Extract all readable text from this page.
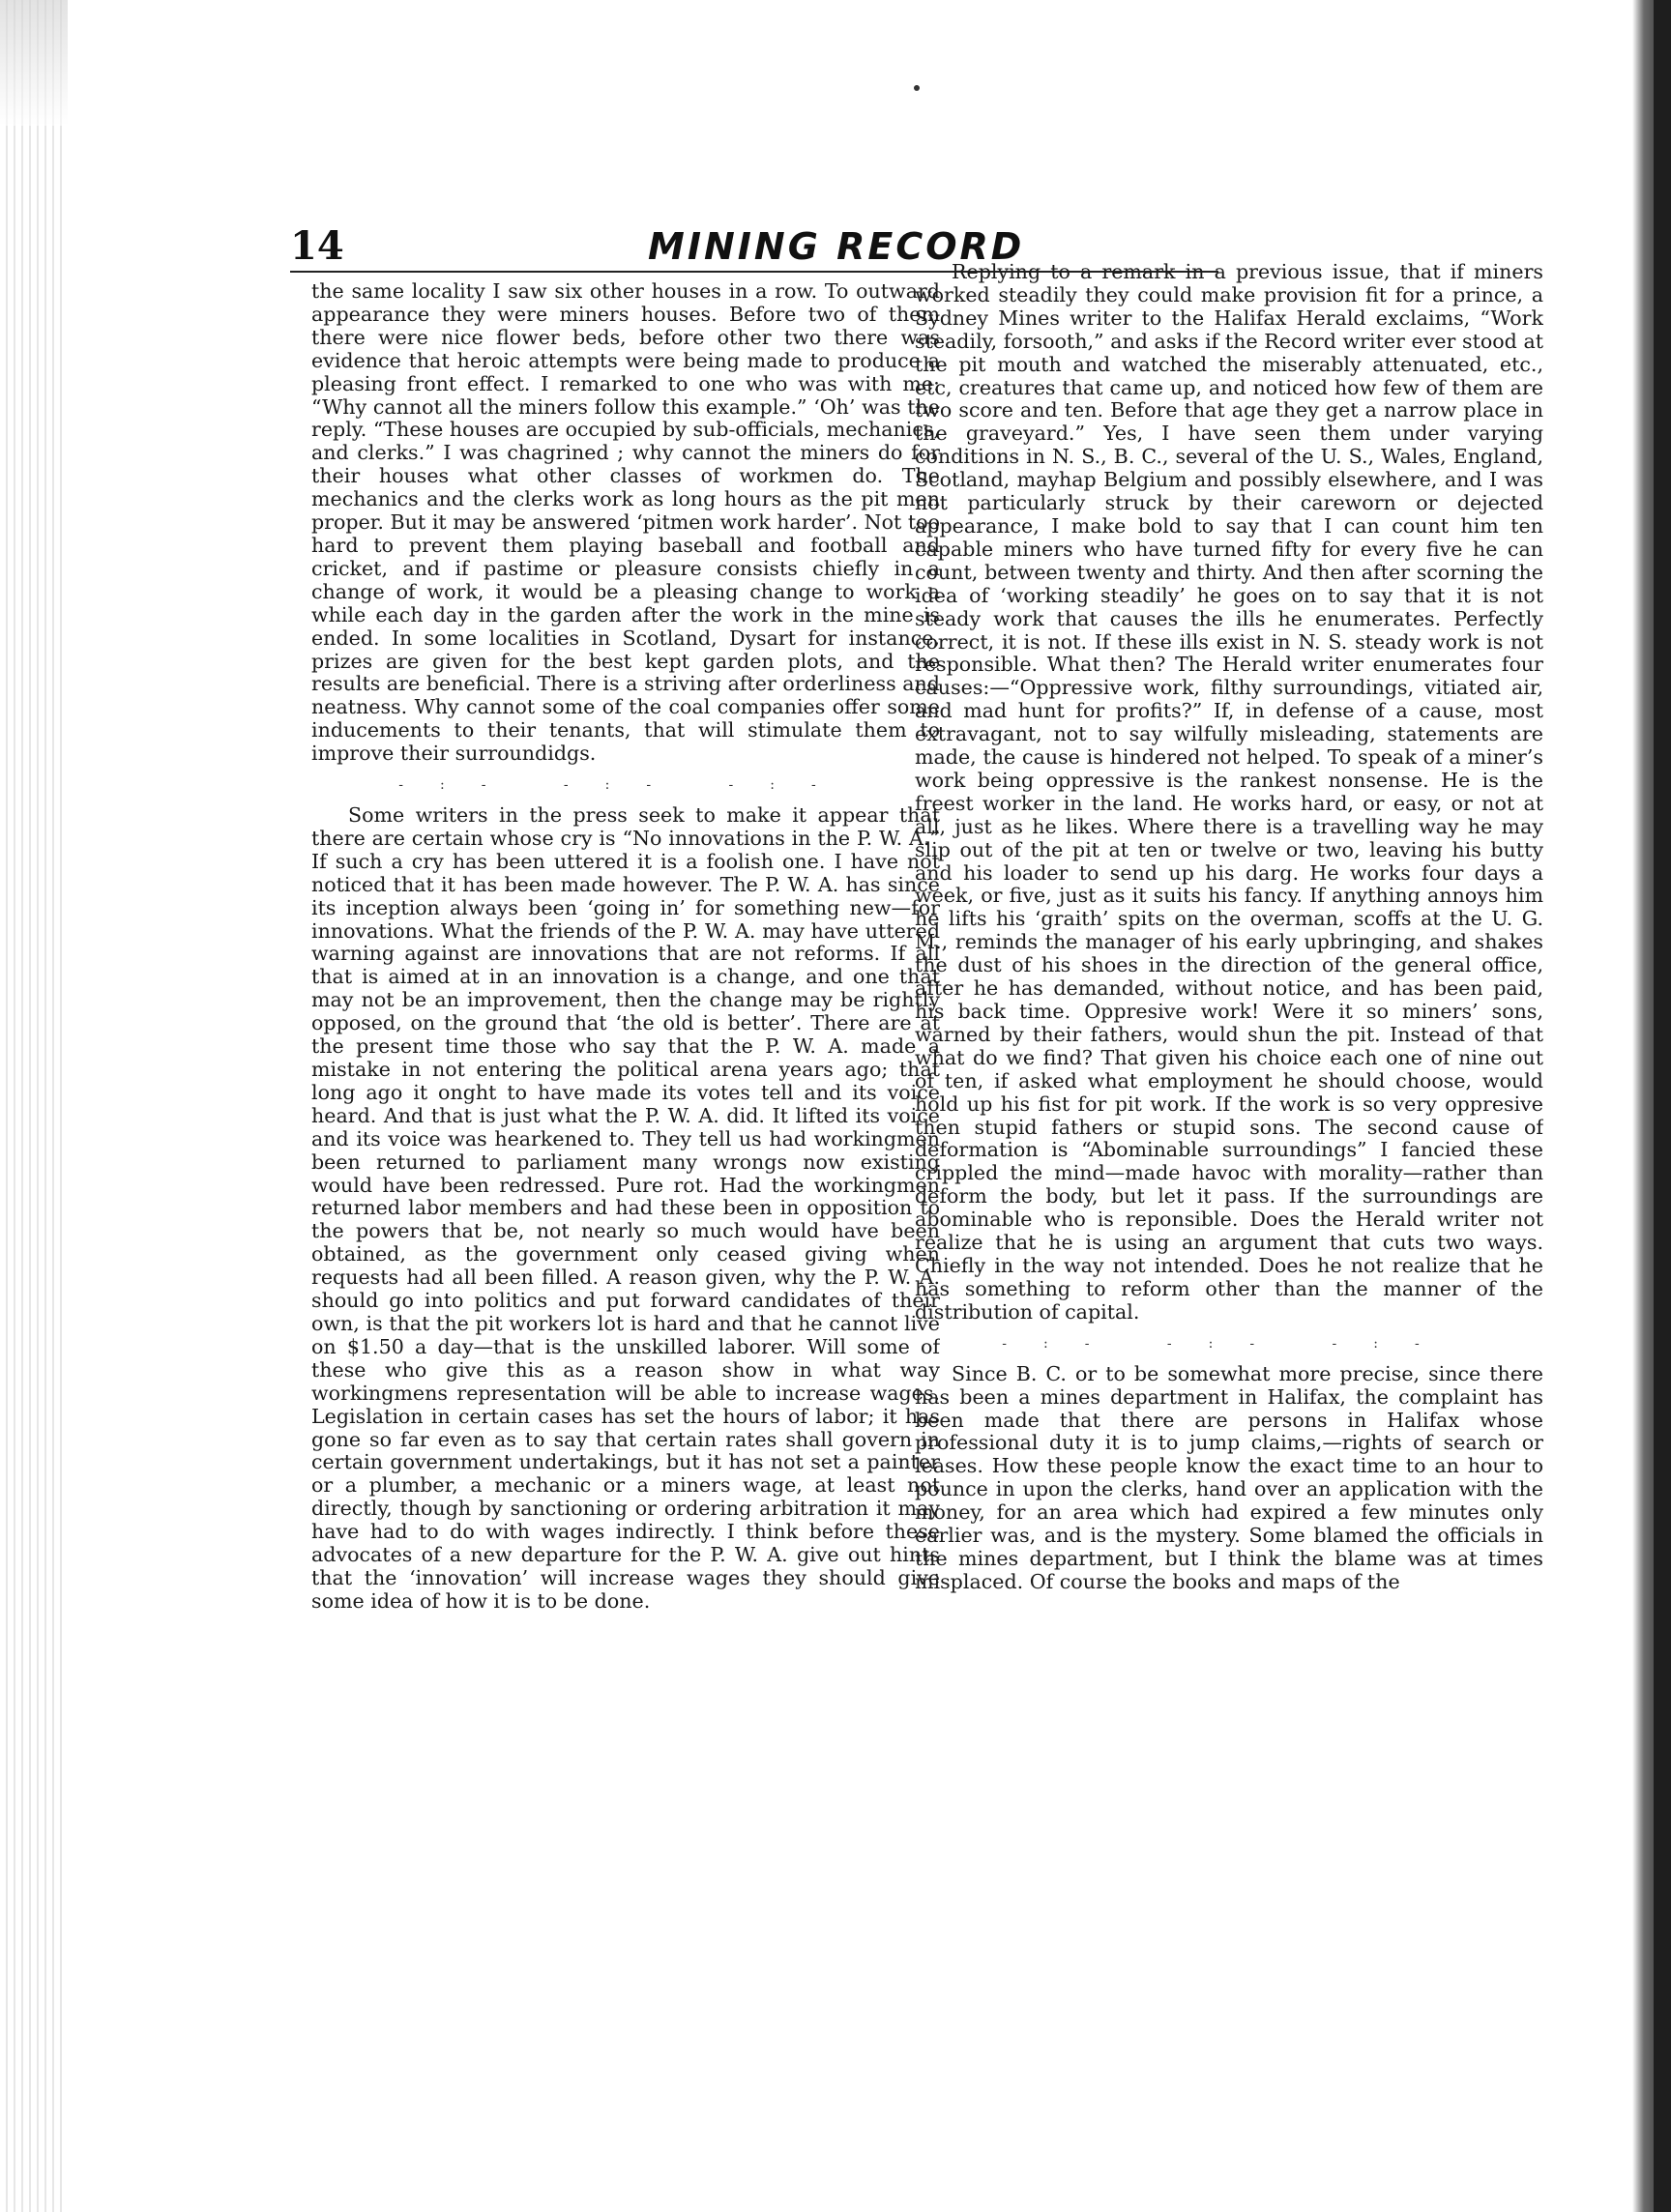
14	MINING RECORD

the same locality I saw six other houses in a row. To outward appearance they were miners houses. Before two of them there were nice flower beds, before other two there was evidence that heroic attempts were being made to produce a pleasing front effect. I remarked to one who was with me: “Why cannot all the miners follow this example.” ‘Oh’ was the reply. “These houses are occupied by sub-officials, mechanics, and clerks.” I was chagrined ; why cannot the miners do for their houses what other classes of workmen do. The mechanics and the clerks work as long hours as the pit men proper. But it may be answered ‘pitmen work harder’. Not too hard to prevent them playing baseball and football and cricket, and if pastime or pleasure consists chiefly in a change of work, it would be a pleasing change to work a while each day in the garden after the work in the mine is ended. In some localities in Scotland, Dysart for instance, prizes are given for the best kept garden plots, and the results are beneficial. There is a striving after orderliness and neatness. Why cannot some of the coal companies offer some inducements to their tenants, that will stimulate them to improve their surroundidgs.

-:- -:- -:-

Some writers in the press seek to make it appear that there are certain whose cry is “No innovations in the P. W. A.” If such a cry has been uttered it is a foolish one. I have not noticed that it has been made however. The P. W. A. has since its inception always been ‘going in’ for something new—for innovations. What the friends of the P. W. A. may have uttered warning against are innovations that are not reforms. If all that is aimed at in an innovation is a change, and one that may not be an improvement, then the change may be rightly opposed, on the ground that ‘the old is better’. There are at the present time those who say that the P. W. A. made a mistake in not entering the political arena years ago; that long ago it onght to have made its votes tell and its voice heard. And that is just what the P. W. A. did. It lifted its voice and its voice was hearkened to. They tell us had workingmen been returned to parliament many wrongs now existing would have been redressed. Pure rot. Had the workingmen returned labor members and had these been in opposition to the powers that be, not nearly so much would have been obtained, as the government only ceased giving when requests had all been filled. A reason given, why the P. W. A. should go into politics and put forward candidates of their own, is that the pit workers lot is hard and that he cannot live on $1.50 a day—that is the unskilled laborer. Will some of these who give this as a reason show in what way workingmens representation will be able to increase wages. Legislation in certain cases has set the hours of labor; it has gone so far even as to say that certain rates shall govern in certain government undertakings, but it has not set a painter or a plumber, a mechanic or a miners wage, at least not directly, though by sanctioning or ordering arbitration it may have had to do with wages indirectly. I think before these advocates of a new departure for the P. W. A. give out hints that the ‘innovation’ will increase wages they should give some idea of how it is to be done.

Replying to a remark in a previous issue, that if miners worked steadily they could make provision fit for a prince, a Sydney Mines writer to the Halifax Herald exclaims, “Work steadily, forsooth,” and asks if the Record writer ever stood at the pit mouth and watched the miserably attenuated, etc., etc, creatures that came up, and noticed how few of them are two score and ten. Before that age they get a narrow place in the graveyard.” Yes, I have seen them under varying conditions in N. S., B. C., several of the U. S., Wales, England, Scotland, mayhap Belgium and possibly elsewhere, and I was not particularly struck by their careworn or dejected appearance, I make bold to say that I can count him ten capable miners who have turned fifty for every five he can count, between twenty and thirty. And then after scorning the idea of ‘working steadily’ he goes on to say that it is not steady work that causes the ills he enumerates. Perfectly correct, it is not. If these ills exist in N. S. steady work is not responsible. What then? The Herald writer enumerates four causes:—“Oppressive work, filthy surroundings, vitiated air, and mad hunt for profits?” If, in defense of a cause, most extravagant, not to say wilfully misleading, statements are made, the cause is hindered not helped. To speak of a miner’s work being oppressive is the rankest nonsense. He is the freest worker in the land. He works hard, or easy, or not at all, just as he likes. Where there is a travelling way he may slip out of the pit at ten or twelve or two, leaving his butty and his loader to send up his darg. He works four days a week, or five, just as it suits his fancy. If anything annoys him he lifts his ‘graith’ spits on the overman, scoffs at the U. G. M., reminds the manager of his early upbringing, and shakes the dust of his shoes in the direction of the general office, after he has demanded, without notice, and has been paid, his back time. Oppresive work! Were it so miners’ sons, warned by their fathers, would shun the pit. Instead of that what do we find? That given his choice each one of nine out of ten, if asked what employment he should choose, would hold up his fist for pit work. If the work is so very oppresive then stupid fathers or stupid sons. The second cause of deformation is “Abominable surroundings” I fancied these crippled the mind—made havoc with morality—rather than deform the body, but let it pass. If the surroundings are abominable who is reponsible. Does the Herald writer not realize that he is using an argument that cuts two ways. Chiefly in the way not intended. Does he not realize that he has something to reform other than the manner of the distribution of capital.

-:- -:- -:-

Since B. C. or to be somewhat more precise, since there has been a mines department in Halifax, the complaint has been made that there are persons in Halifax whose professional duty it is to jump claims,—rights of search or leases. How these people know the exact time to an hour to pounce in upon the clerks, hand over an application with the money, for an area which had expired a few minutes only earlier was, and is the mystery. Some blamed the officials in the mines department, but I think the blame was at times misplaced. Of course the books and maps of the
